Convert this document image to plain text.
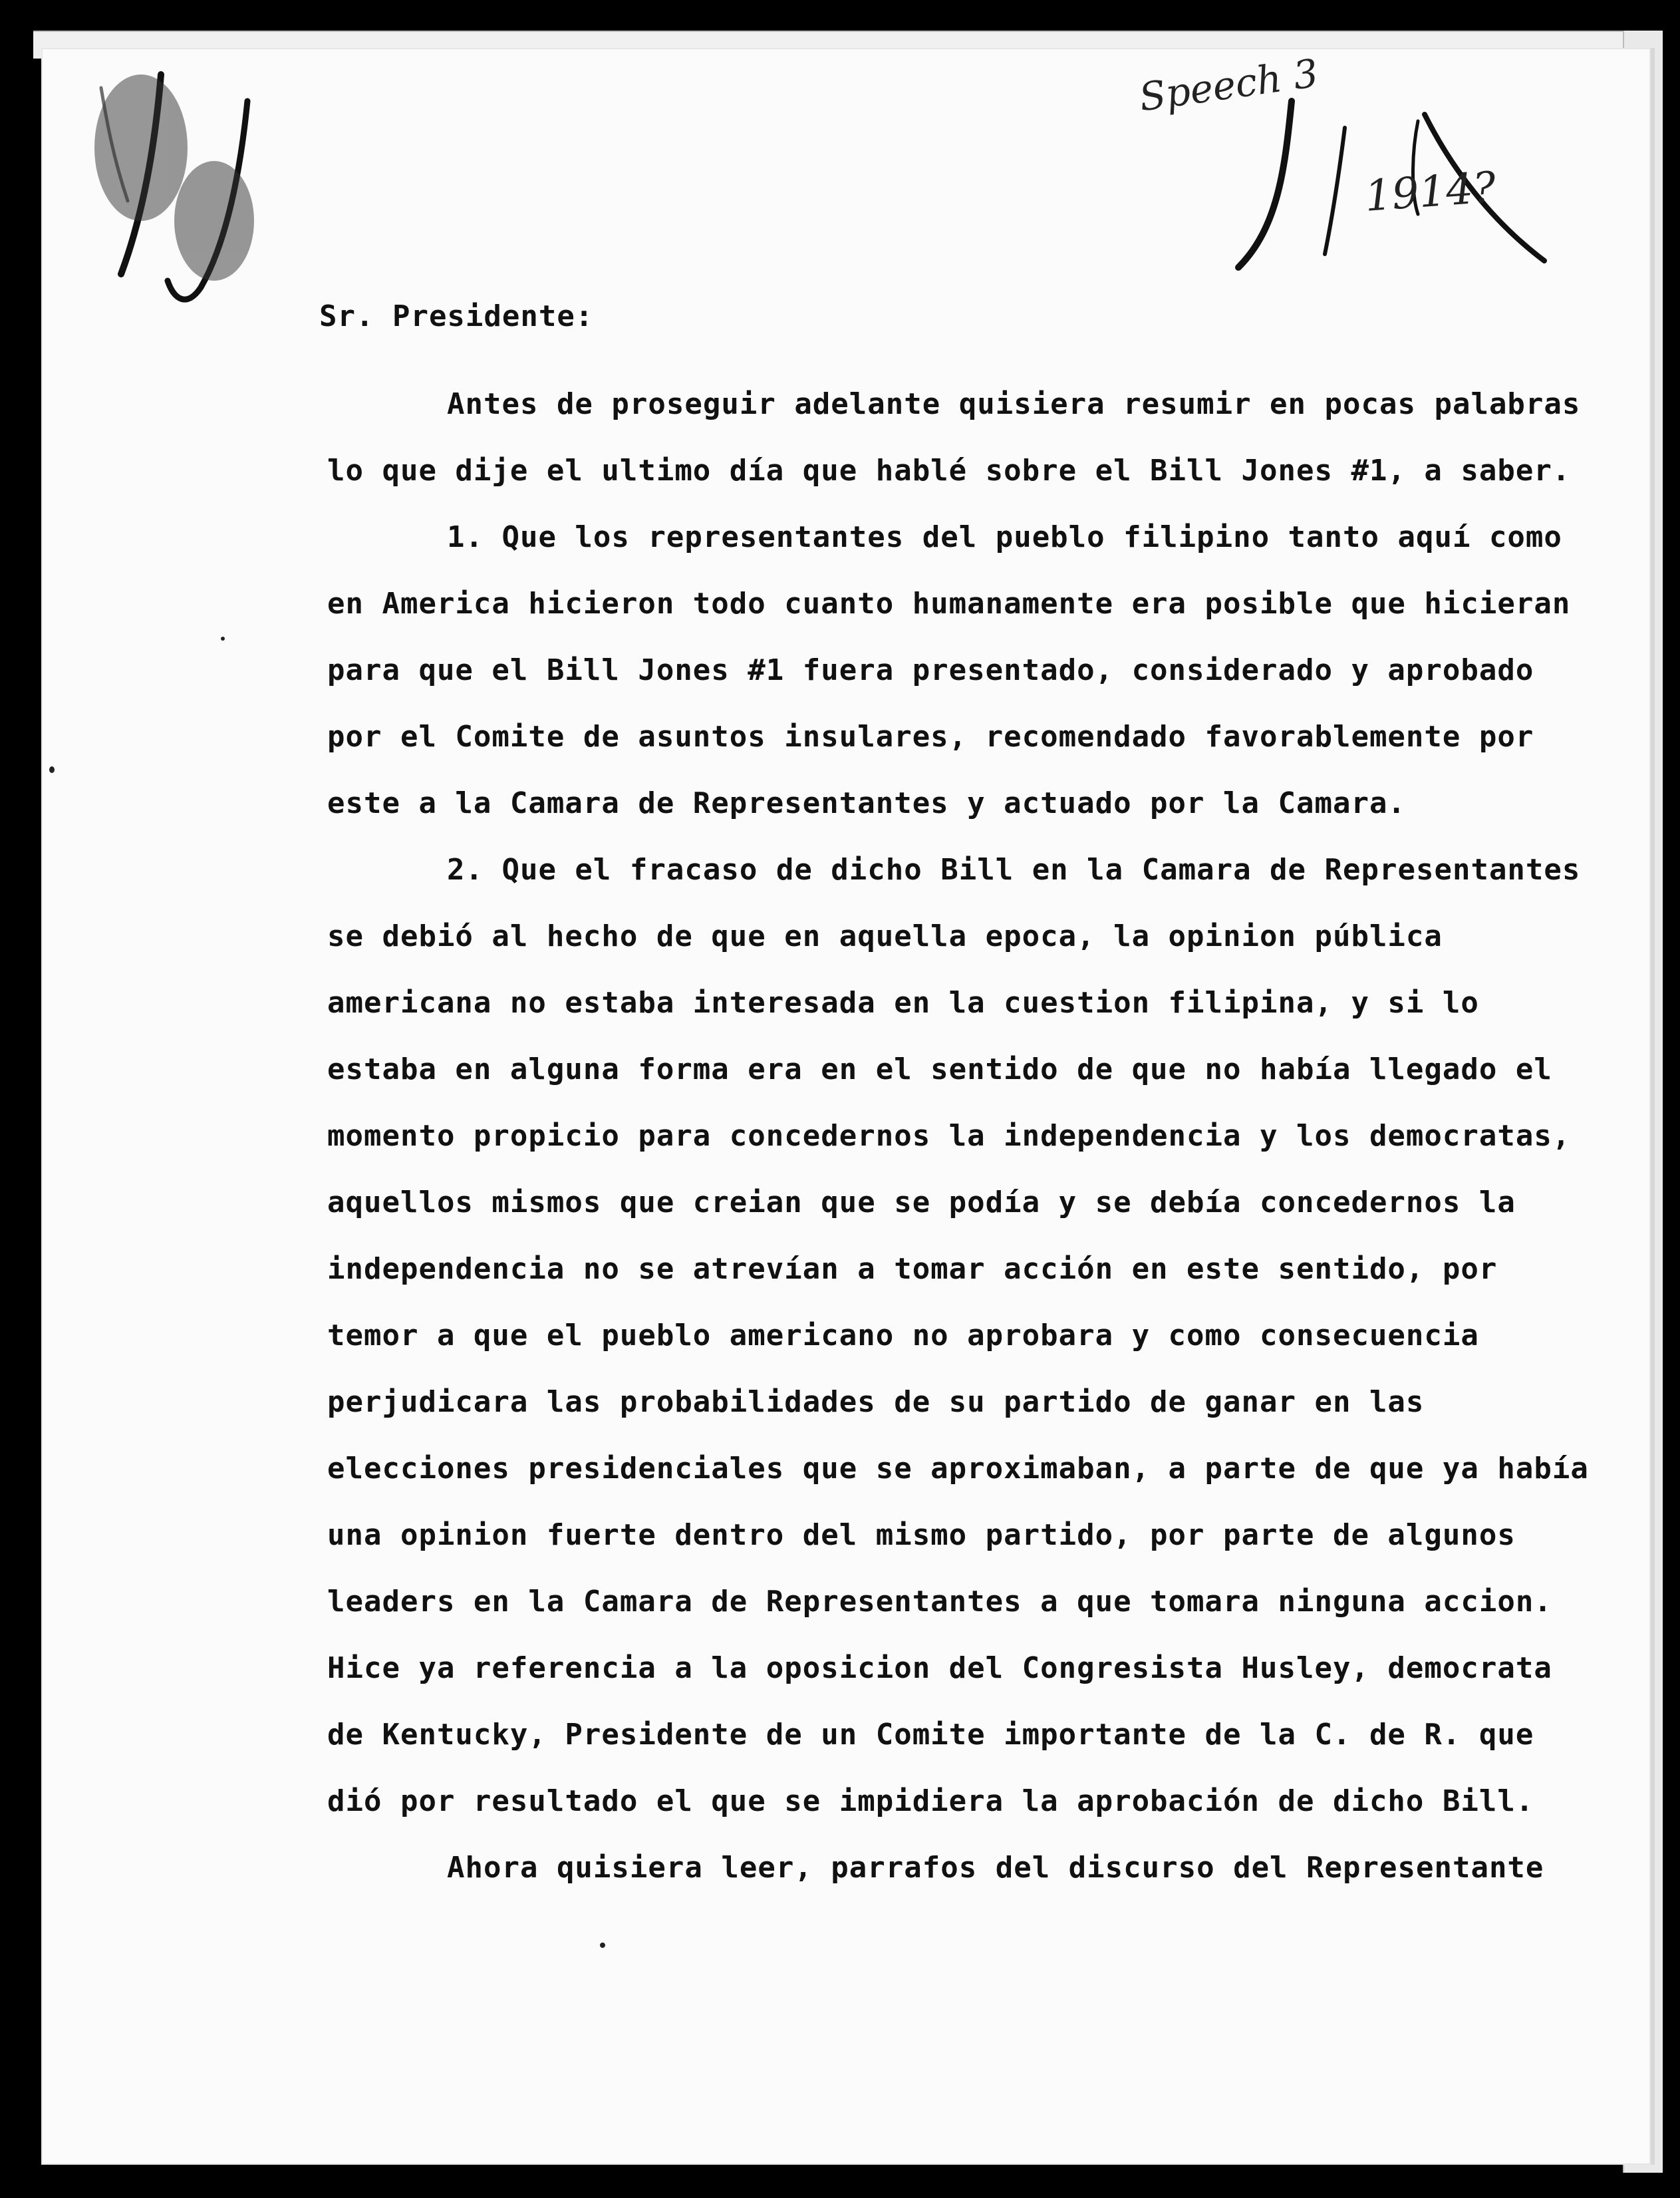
Speech 3
1914?

Sr. Presidente:

Antes de proseguir adelante quisiera resumir en pocas palabras lo que dije el ultimo día que hablé sobre el Bill Jones #1, a saber.

1. Que los representantes del pueblo filipino tanto aquí como en America hicieron todo cuanto humanamente era posible que hicieran para que el Bill Jones #1 fuera presentado, considerado y aprobado por el Comite de asuntos insulares, recomendado favorablemente por este a la Camara de Representantes y actuado por la Camara.

2. Que el fracaso de dicho Bill en la Camara de Representantes se debió al hecho de que en aquella epoca, la opinion pública americana no estaba interesada en la cuestion filipina, y si lo estaba en alguna forma era en el sentido de que no había llegado el momento propicio para concedernos la independencia y los democratas, aquellos mismos que creian que se podía y se debía concedernos la independencia no se atrevían a tomar acción en este sentido, por temor a que el pueblo americano no aprobara y como consecuencia perjudicara las probabilidades de su partido de ganar en las elecciones presidenciales que se aproximaban, a parte de que ya había una opinion fuerte dentro del mismo partido, por parte de algunos leaders en la Camara de Representantes a que tomara ninguna accion. Hice ya referencia a la oposicion del Congresista Husley, democrata de Kentucky, Presidente de un Comite importante de la C. de R. que dió por resultado el que se impidiera la aprobación de dicho Bill.

Ahora quisiera leer, parrafos del discurso del Representante
